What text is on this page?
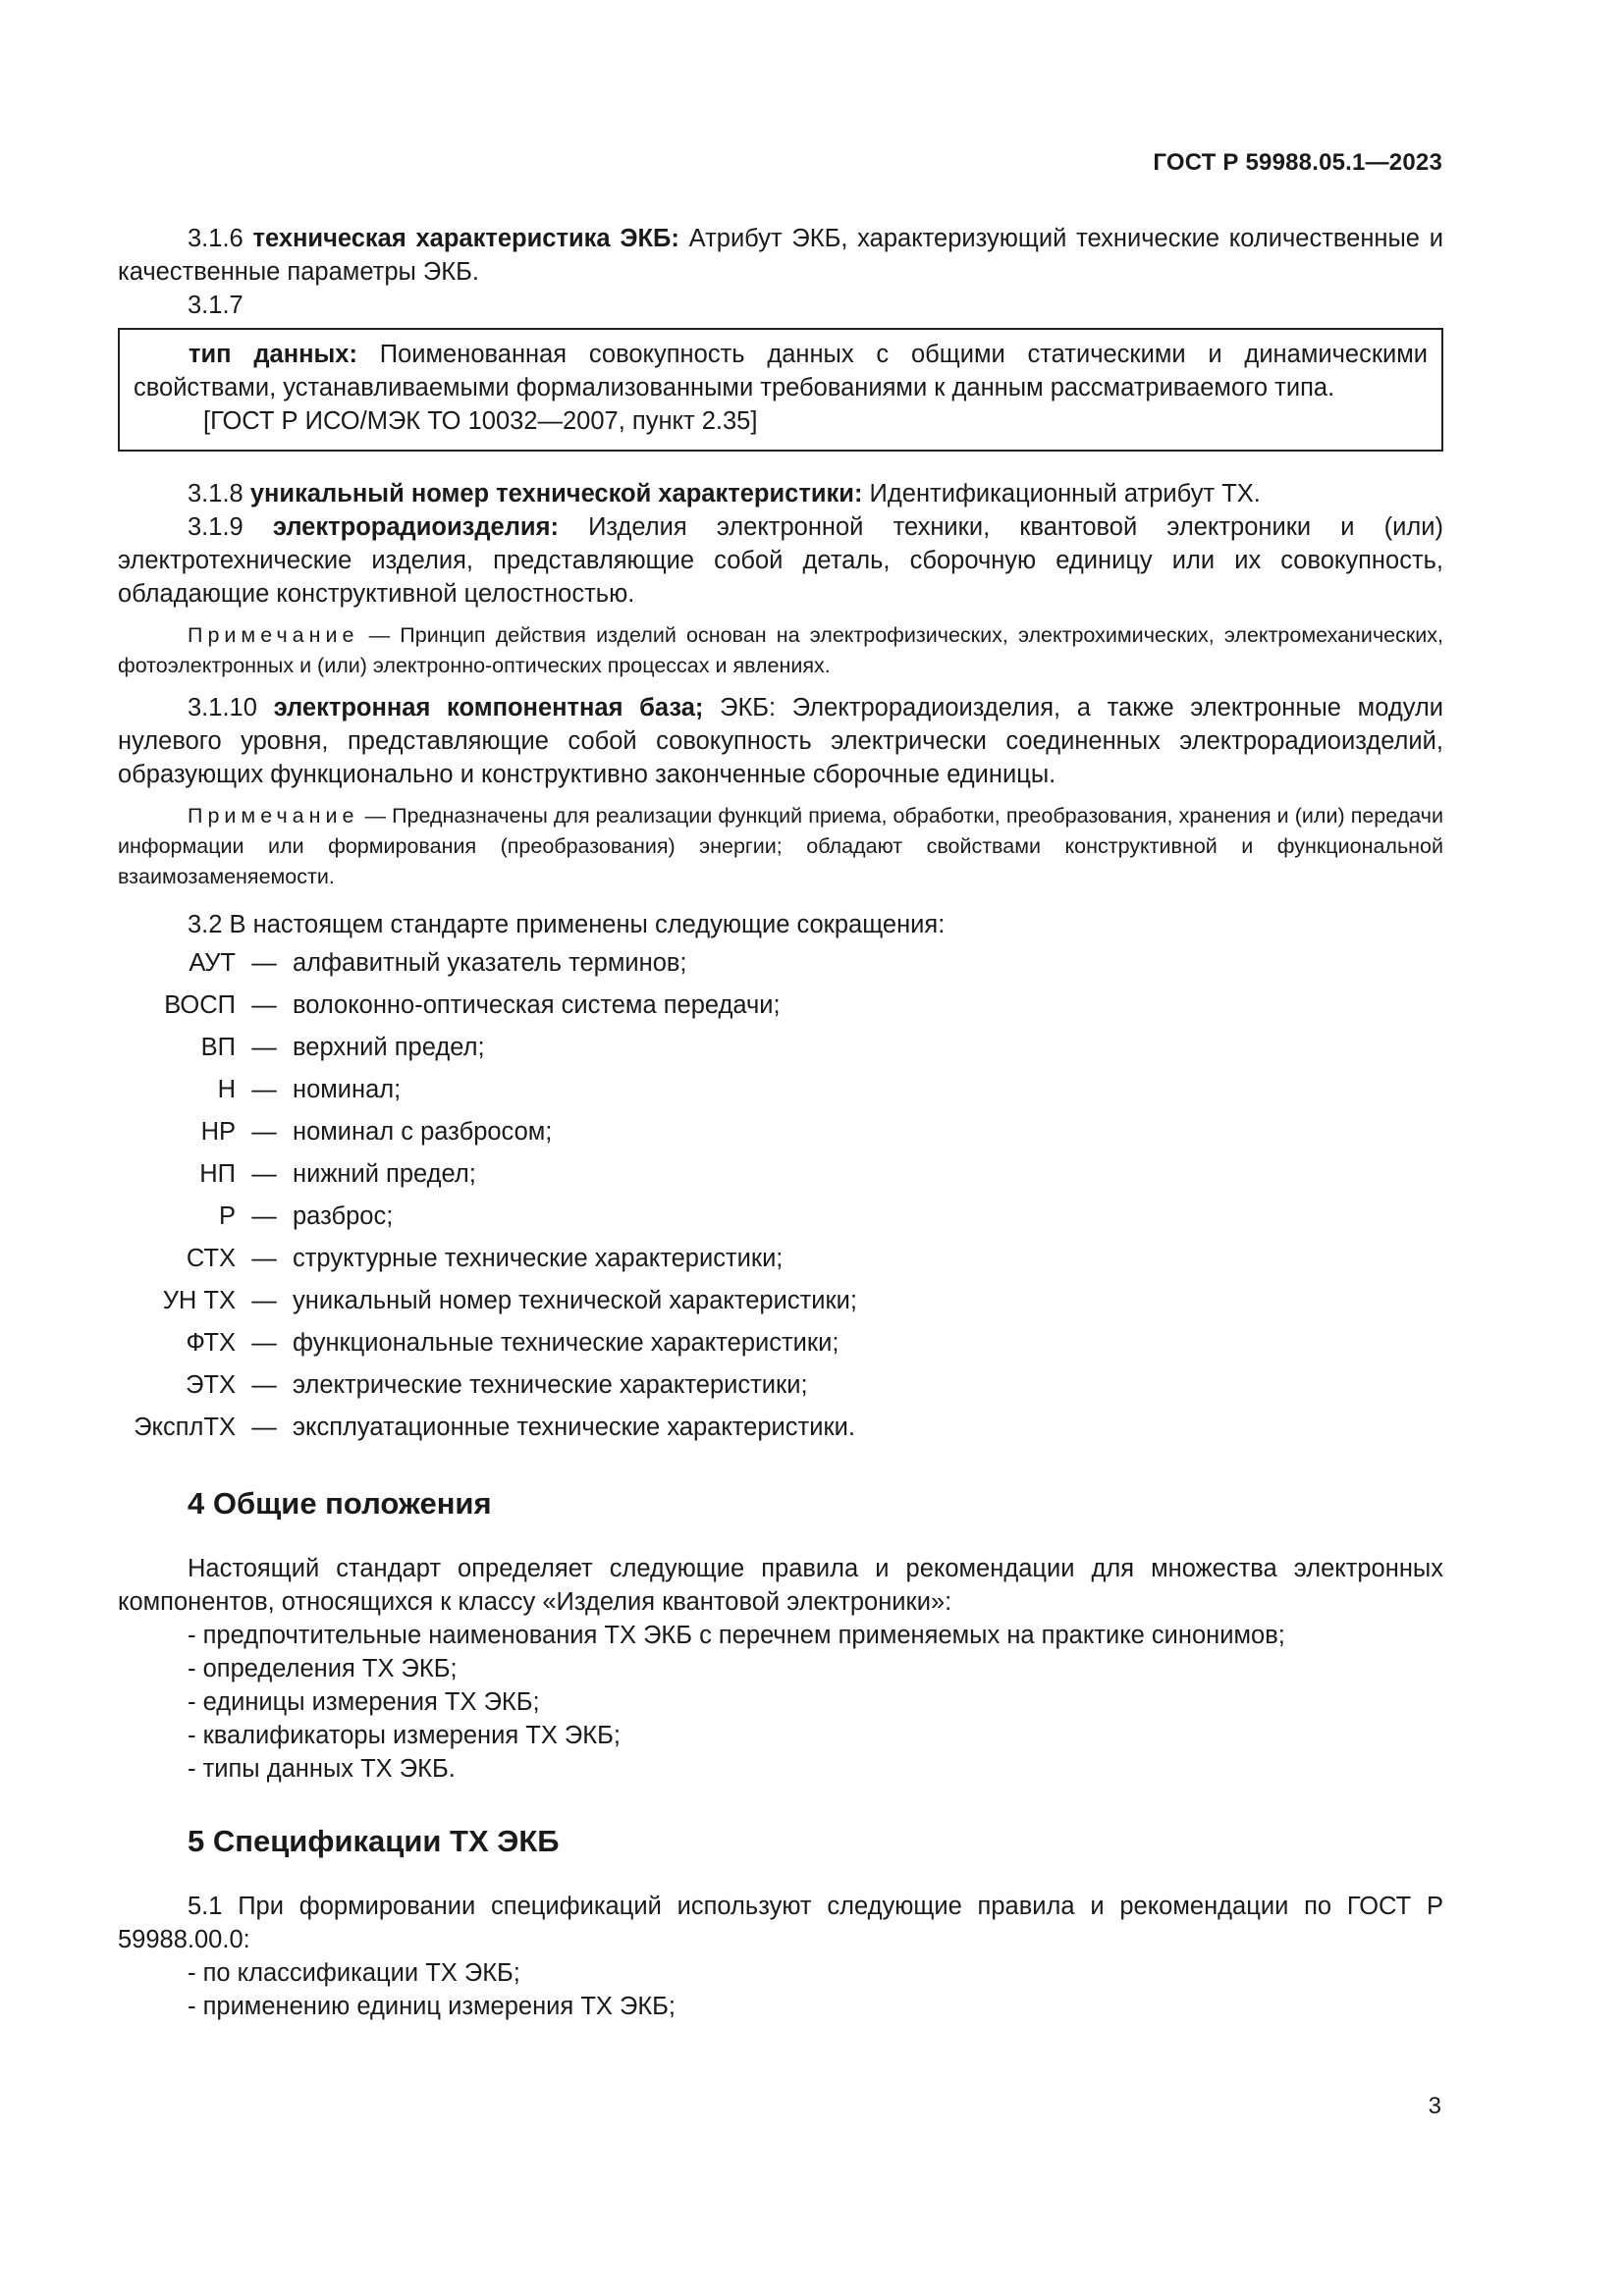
ГОСТ Р 59988.05.1—2023

3.1.6 техническая характеристика ЭКБ: Атрибут ЭКБ, характеризующий технические количественные и качественные параметры ЭКБ.

3.1.7

тип данных: Поименованная совокупность данных с общими статическими и динамическими свойствами, устанавливаемыми формализованными требованиями к данным рассматриваемого типа.

[ГОСТ Р ИСО/МЭК ТО 10032—2007, пункт 2.35]

3.1.8 уникальный номер технической характеристики: Идентификационный атрибут ТХ.

3.1.9 электрорадиоизделия: Изделия электронной техники, квантовой электроники и (или) электротехнические изделия, представляющие собой деталь, сборочную единицу или их совокупность, обладающие конструктивной целостностью.

Примечание — Принцип действия изделий основан на электрофизических, электрохимических, электромеханических, фотоэлектронных и (или) электронно-оптических процессах и явлениях.

3.1.10 электронная компонентная база; ЭКБ: Электрорадиоизделия, а также электронные модули нулевого уровня, представляющие собой совокупность электрически соединенных электрорадиоизделий, образующих функционально и конструктивно законченные сборочные единицы.

Примечание — Предназначены для реализации функций приема, обработки, преобразования, хранения и (или) передачи информации или формирования (преобразования) энергии; обладают свойствами конструктивной и функциональной взаимозаменяемости.

3.2 В настоящем стандарте применены следующие сокращения:

АУТ — алфавитный указатель терминов;
ВОСП — волоконно-оптическая система передачи;
ВП — верхний предел;
Н — номинал;
НР — номинал с разбросом;
НП — нижний предел;
Р — разброс;
СТХ — структурные технические характеристики;
УН ТХ — уникальный номер технической характеристики;
ФТХ — функциональные технические характеристики;
ЭТХ — электрические технические характеристики;
ЭксплТХ — эксплуатационные технические характеристики.
4 Общие положения

Настоящий стандарт определяет следующие правила и рекомендации для множества электронных компонентов, относящихся к классу «Изделия квантовой электроники»:

- предпочтительные наименования ТХ ЭКБ с перечнем применяемых на практике синонимов;

- определения ТХ ЭКБ;

- единицы измерения ТХ ЭКБ;

- квалификаторы измерения ТХ ЭКБ;

- типы данных ТХ ЭКБ.

5 Спецификации ТХ ЭКБ

5.1 При формировании спецификаций используют следующие правила и рекомендации по ГОСТ Р 59988.00.0:

- по классификации ТХ ЭКБ;

- применению единиц измерения ТХ ЭКБ;

3
